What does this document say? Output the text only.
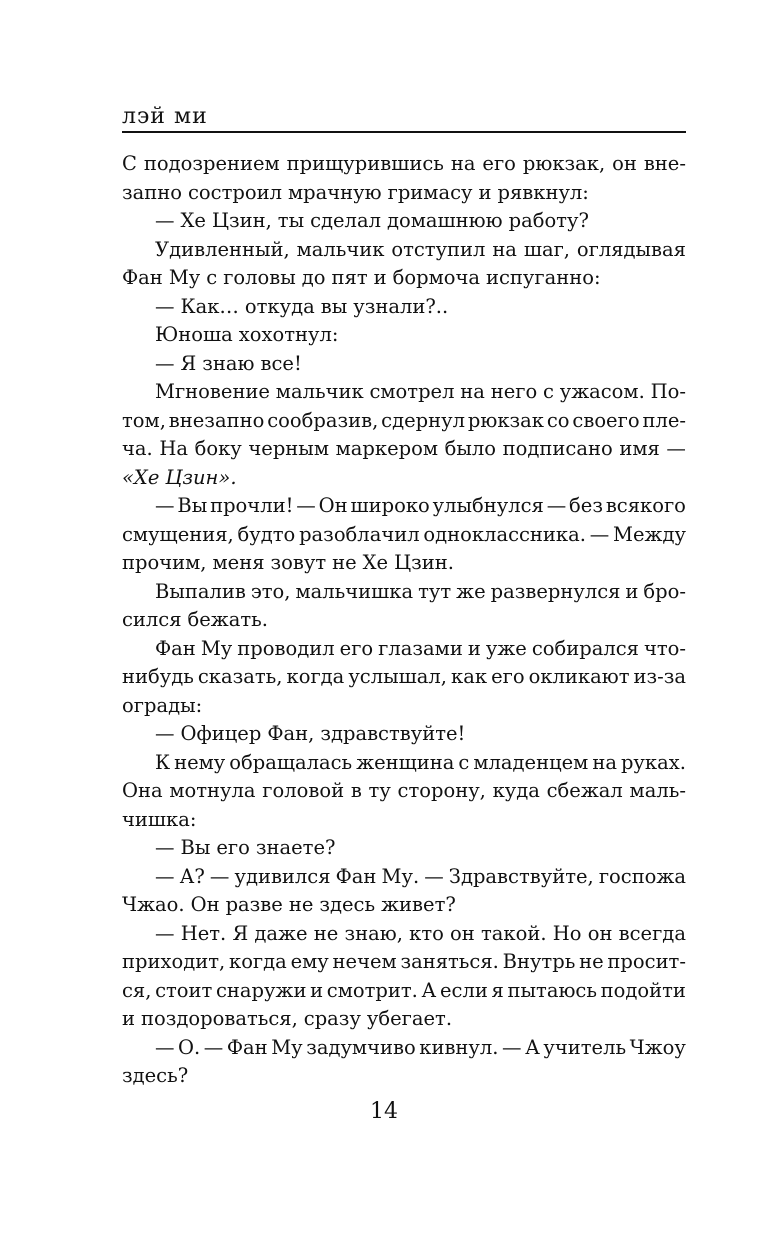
лэй ми
С подозрением прищурившись на его рюкзак, он вне-
запно состроил мрачную гримасу и рявкнул:
— Хе Цзин, ты сделал домашнюю работу?
Удивленный, мальчик отступил на шаг, оглядывая
Фан Му с головы до пят и бормоча испуганно:
— Как… откуда вы узнали?..
Юноша хохотнул:
— Я знаю все!
Мгновение мальчик смотрел на него с ужасом. По-
том, внезапно сообразив, сдернул рюкзак со своего пле-
ча. На боку черным маркером было подписано имя —
«Хе Цзин».
— Вы прочли! — Он широко улыбнулся — без всякого
смущения, будто разоблачил одноклассника. — Между
прочим, меня зовут не Хе Цзин.
Выпалив это, мальчишка тут же развернулся и бро-
сился бежать.
Фан Му проводил его глазами и уже собирался что-
нибудь сказать, когда услышал, как его окликают из-за
ограды:
— Офицер Фан, здравствуйте!
К нему обращалась женщина с младенцем на руках.
Она мотнула головой в ту сторону, куда сбежал маль-
чишка:
— Вы его знаете?
— А? — удивился Фан Му. — Здравствуйте, госпожа
Чжао. Он разве не здесь живет?
— Нет. Я даже не знаю, кто он такой. Но он всегда
приходит, когда ему нечем заняться. Внутрь не просит-
ся, стоит снаружи и смотрит. А если я пытаюсь подойти
и поздороваться, сразу убегает.
— О. — Фан Му задумчиво кивнул. — А учитель Чжоу
здесь?
14
